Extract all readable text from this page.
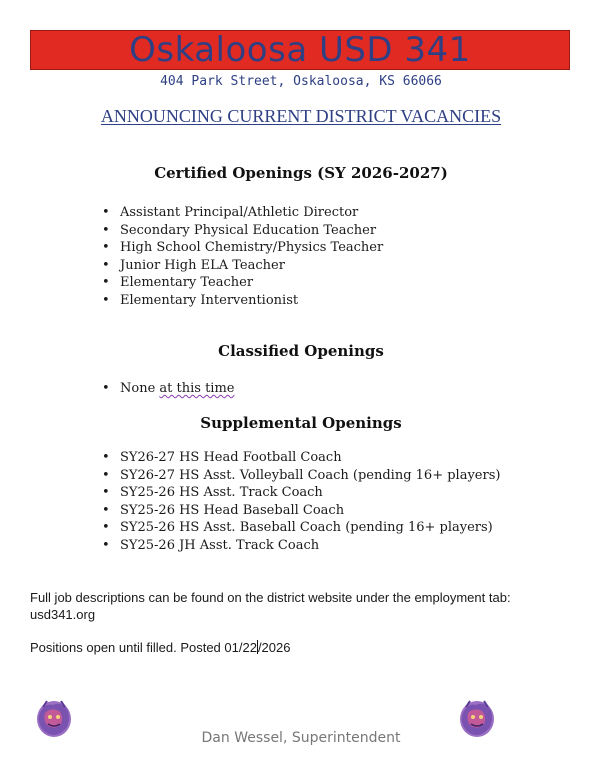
Oskaloosa USD 341
404 Park Street, Oskaloosa, KS 66066
ANNOUNCING CURRENT DISTRICT VACANCIES
Certified Openings (SY 2026-2027)
• Assistant Principal/Athletic Director
• Secondary Physical Education Teacher
• High School Chemistry/Physics Teacher
• Junior High ELA Teacher
• Elementary Teacher
• Elementary Interventionist
Classified Openings
• None at this time
Supplemental Openings
• SY26-27 HS Head Football Coach
• SY26-27 HS Asst. Volleyball Coach (pending 16+ players)
• SY25-26 HS Asst. Track Coach
• SY25-26 HS Head Baseball Coach
• SY25-26 HS Asst. Baseball Coach (pending 16+ players)
• SY25-26 JH Asst. Track Coach
Full job descriptions can be found on the district website under the employment tab:
usd341.org
Positions open until filled. Posted 01/22/2026
Dan Wessel, Superintendent
